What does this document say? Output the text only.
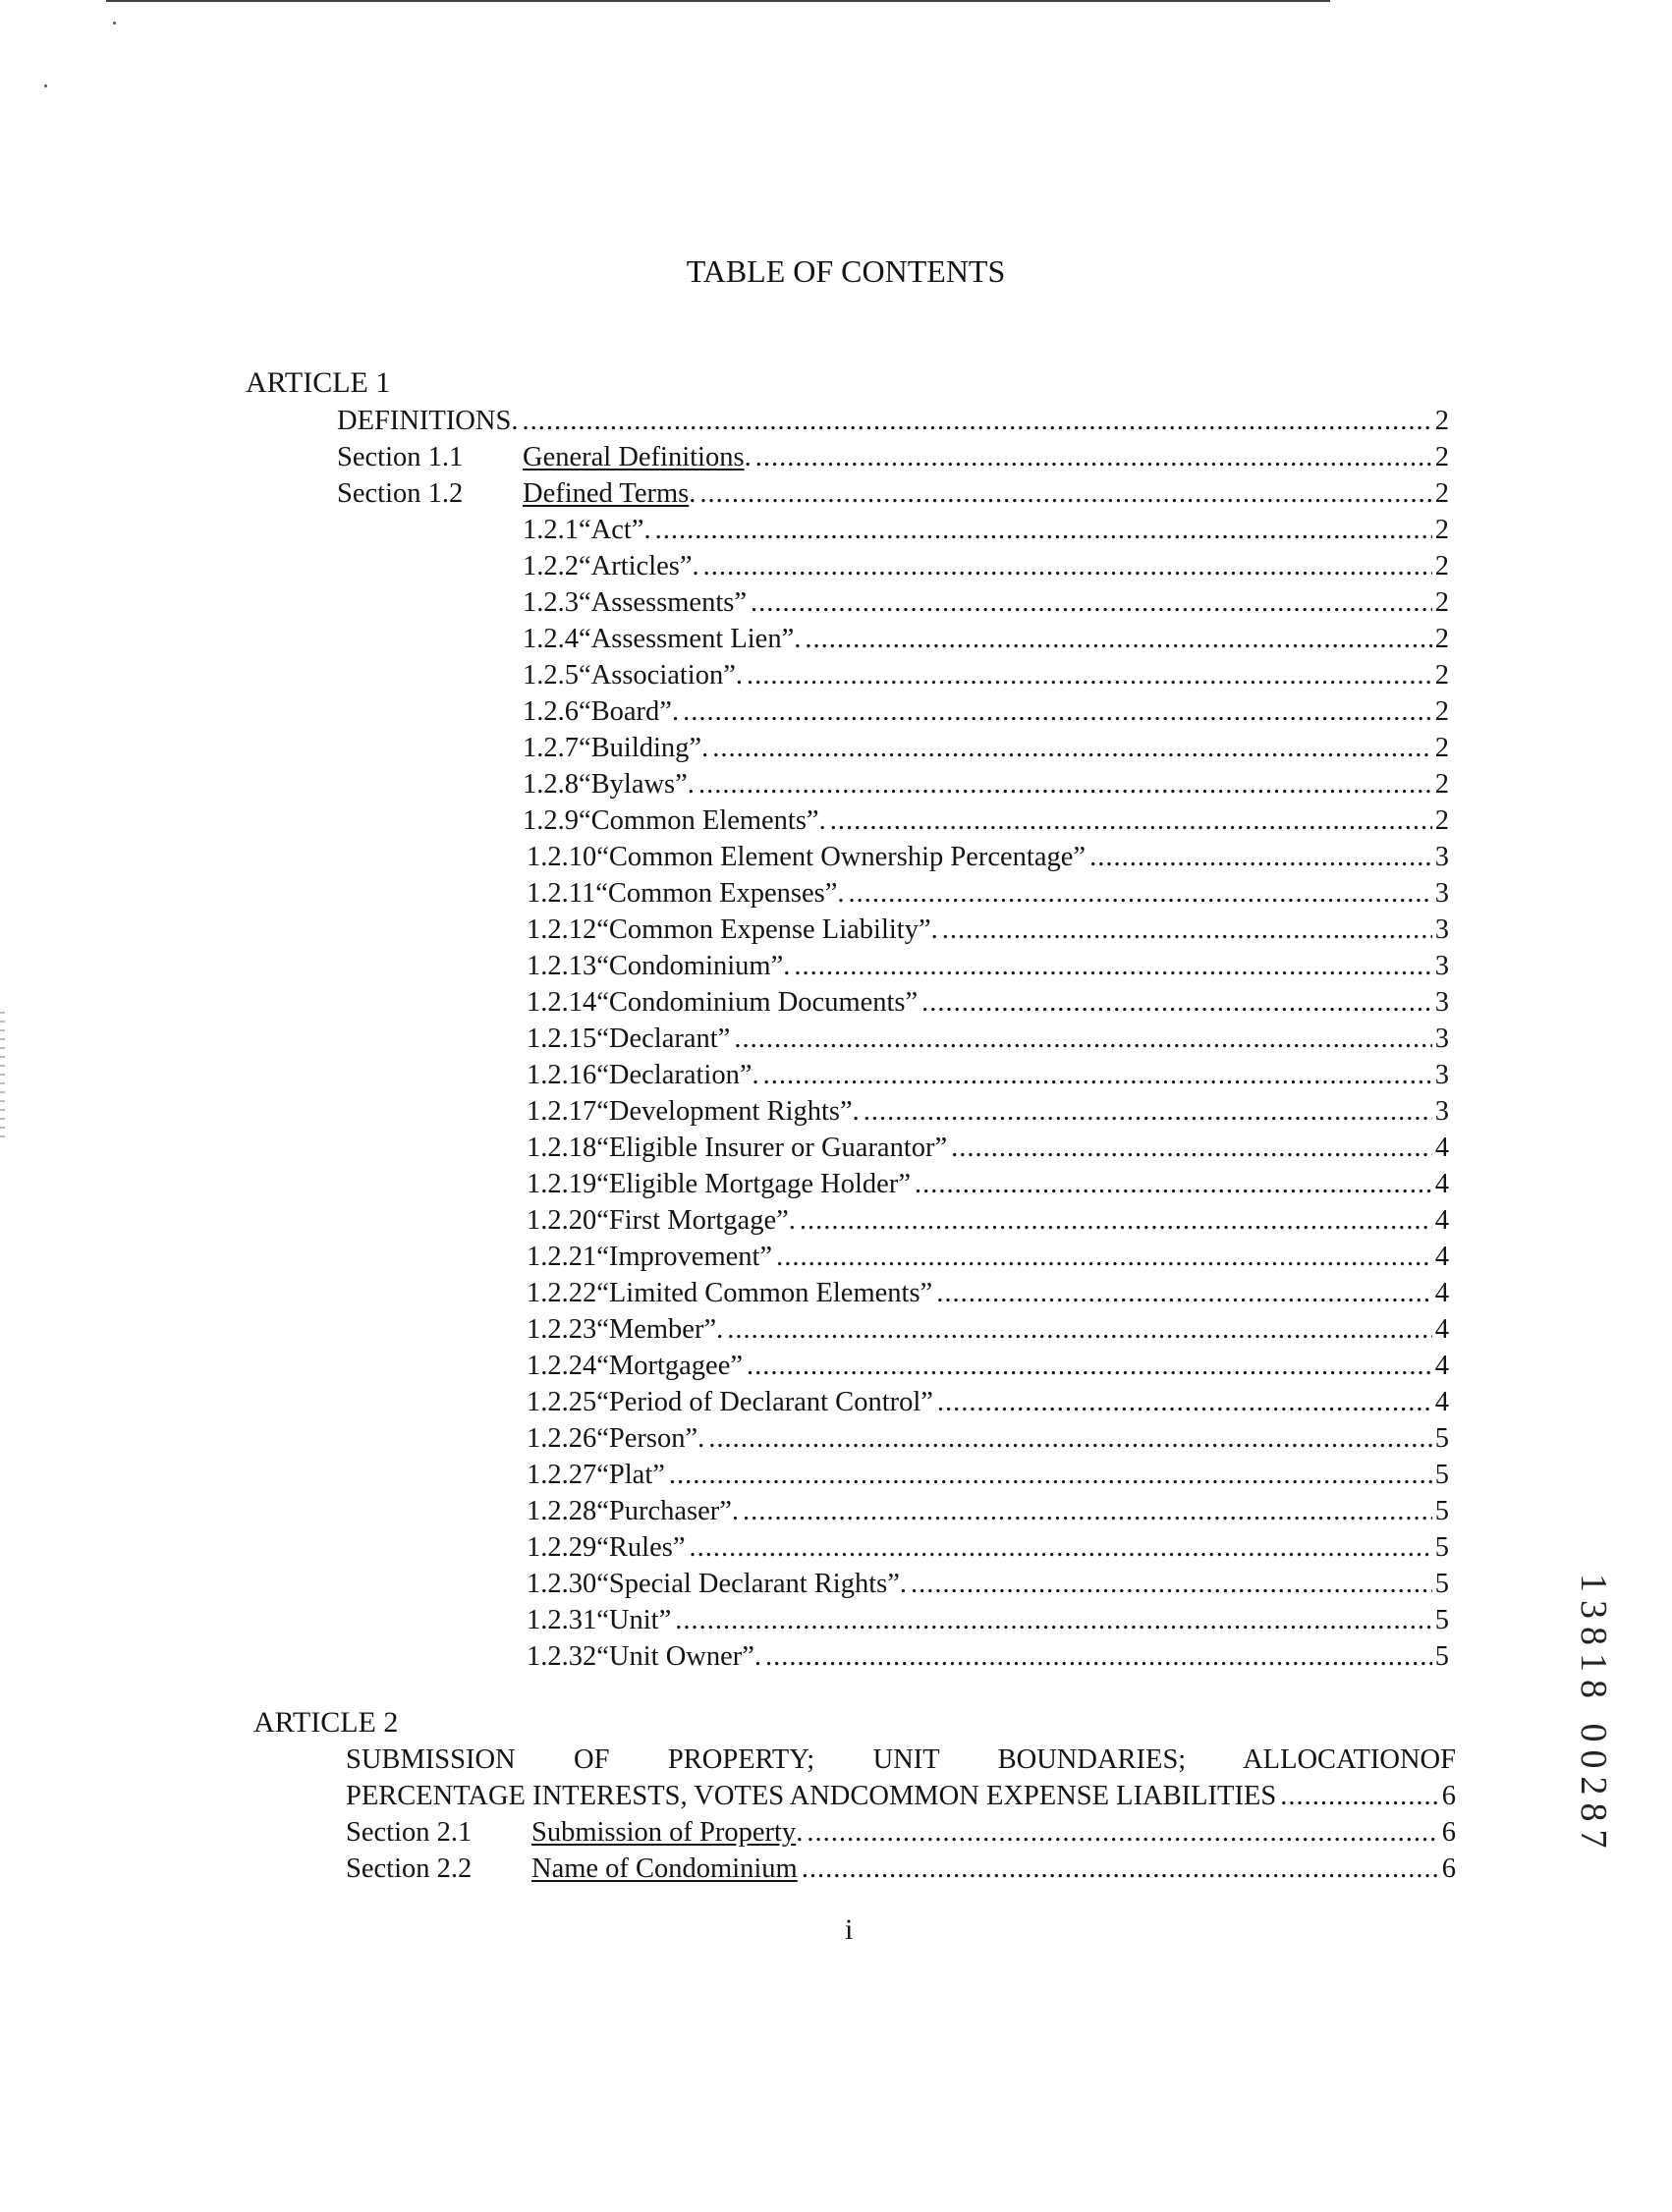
TABLE OF CONTENTS
ARTICLE 1
DEFINITIONS. .....	2
Section 1.1 General Definitions . .....	2
Section 1.2 Defined Terms . .....	2
1.2.1 “Act”. .....	2
1.2.2 “Articles”. .....	2
1.2.3 “Assessments” .....	2
1.2.4 “Assessment Lien”. .....	2
1.2.5 “Association”. .....	2
1.2.6 “Board”. .....	2
1.2.7 “Building”. .....	2
1.2.8 “Bylaws”. .....	2
1.2.9 “Common Elements”. .....	2
1.2.10 “Common Element Ownership Percentage” .....	3
1.2.11 “Common Expenses”. .....	3
1.2.12 “Common Expense Liability”. .....	3
1.2.13 “Condominium”. .....	3
1.2.14 “Condominium Documents” .....	3
1.2.15 “Declarant” .....	3
1.2.16 “Declaration”. .....	3
1.2.17 “Development Rights”. .....	3
1.2.18 “Eligible Insurer or Guarantor” .....	4
1.2.19 “Eligible Mortgage Holder” .....	4
1.2.20 “First Mortgage”. .....	4
1.2.21 “Improvement” .....	4
1.2.22 “Limited Common Elements” .....	4
1.2.23 “Member”. .....	4
1.2.24 “Mortgagee” .....	4
1.2.25 “Period of Declarant Control” .....	4
1.2.26 “Person”. .....	5
1.2.27 “Plat” .....	5
1.2.28 “Purchaser”. .....	5
1.2.29 “Rules” .....	5
1.2.30 “Special Declarant Rights”. .....	5
1.2.31 “Unit” .....	5
1.2.32 “Unit Owner”. .....	5
ARTICLE 2
SUBMISSION OF PROPERTY; UNIT BOUNDARIES; ALLOCATIONOF
PERCENTAGE INTERESTS, VOTES ANDCOMMON EXPENSE LIABILITIES .....	6
Section 2.1 Submission of Property . .....	6
Section 2.2 Name of Condominium .....	6
i
13818 00287
